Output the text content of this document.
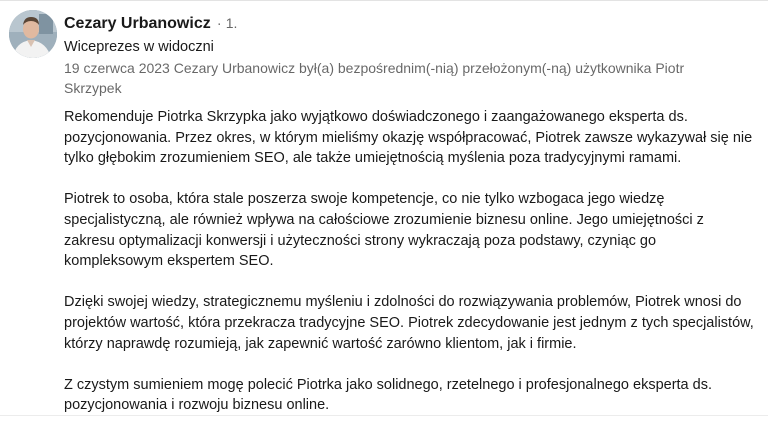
Cezary Urbanowicz · 1.
Wiceprezes w widoczni
19 czerwca 2023 Cezary Urbanowicz był(a) bezpośrednim(-nią) przełożonym(-ną) użytkownika Piotr Skrzypek

Rekomenduje Piotrka Skrzypka jako wyjątkowo doświadczonego i zaangażowanego eksperta ds. pozycjonowania. Przez okres, w którym mieliśmy okazję współpracować, Piotrek zawsze wykazywał się nie tylko głębokim zrozumieniem SEO, ale także umiejętnością myślenia poza tradycyjnymi ramami.

Piotrek to osoba, która stale poszerza swoje kompetencje, co nie tylko wzbogaca jego wiedzę specjalistyczną, ale również wpływa na całościowe zrozumienie biznesu online. Jego umiejętności z zakresu optymalizacji konwersji i użyteczności strony wykraczają poza podstawy, czyniąc go kompleksowym ekspertem SEO.

Dzięki swojej wiedzy, strategicznemu myśleniu i zdolności do rozwiązywania problemów, Piotrek wnosi do projektów wartość, która przekracza tradycyjne SEO. Piotrek zdecydowanie jest jednym z tych specjalistów, którzy naprawdę rozumieją, jak zapewnić wartość zarówno klientom, jak i firmie.

Z czystym sumieniem mogę polecić Piotrka jako solidnego, rzetelnego i profesjonalnego eksperta ds. pozycjonowania i rozwoju biznesu online.
